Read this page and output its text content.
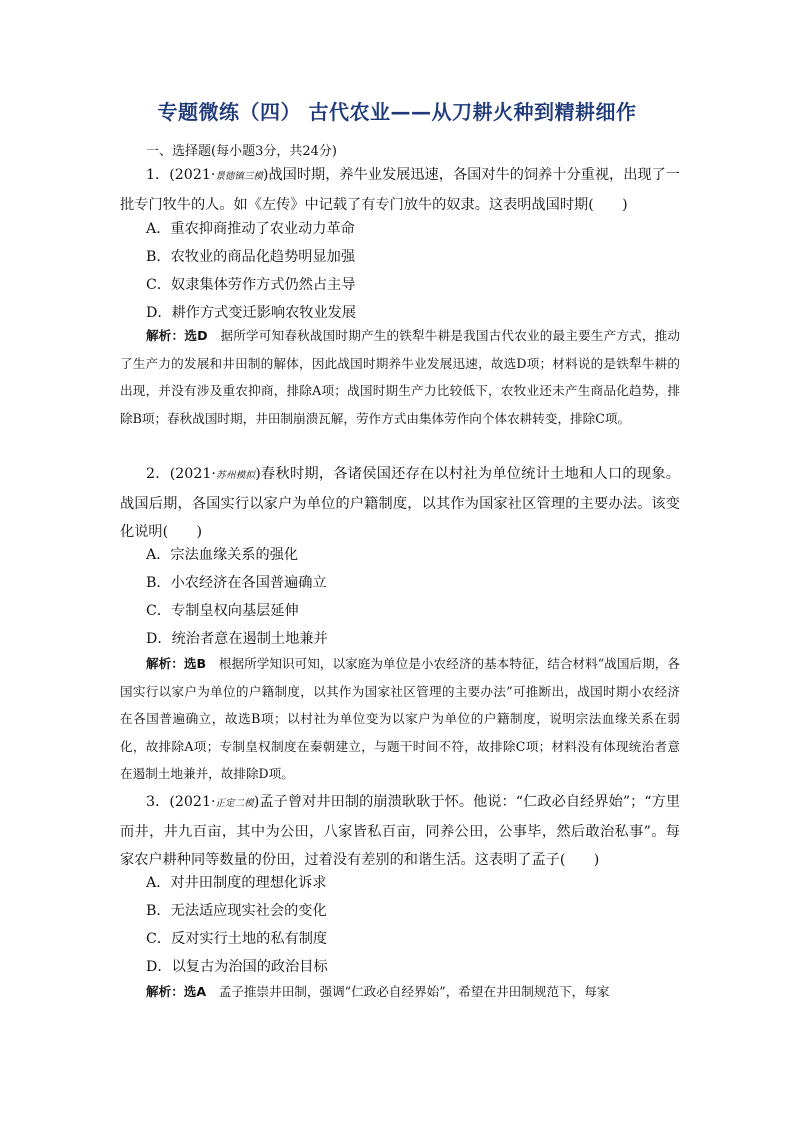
专题微练（四） 古代农业——从刀耕火种到精耕细作
一、选择题(每小题3分，共24分)
1．(2021·景德镇三模)战国时期，养牛业发展迅速，各国对牛的饲养十分重视，出现了一批专门牧牛的人。如《左传》中记载了有专门放牛的奴隶。这表明战国时期(　　)
A．重农抑商推动了农业动力革命
B．农牧业的商品化趋势明显加强
C．奴隶集体劳作方式仍然占主导
D．耕作方式变迁影响农牧业发展
解析：选D　 据所学可知春秋战国时期产生的铁犁牛耕是我国古代农业的最主要生产方式，推动了生产力的发展和井田制的解体，因此战国时期养牛业发展迅速，故选D项；材料说的是铁犁牛耕的出现，并没有涉及重农抑商，排除A项；战国时期生产力比较低下，农牧业还未产生商品化趋势，排除B项；春秋战国时期，井田制崩溃瓦解，劳作方式由集体劳作向个体农耕转变，排除C项。
2．(2021·苏州模拟)春秋时期，各诸侯国还存在以村社为单位统计土地和人口的现象。战国后期，各国实行以家户为单位的户籍制度，以其作为国家社区管理的主要办法。该变化说明(　　)
A．宗法血缘关系的强化
B．小农经济在各国普遍确立
C．专制皇权向基层延伸
D．统治者意在遏制土地兼并
解析：选B　 根据所学知识可知，以家庭为单位是小农经济的基本特征，结合材料“战国后期，各国实行以家户为单位的户籍制度，以其作为国家社区管理的主要办法”可推断出，战国时期小农经济在各国普遍确立，故选B项；以村社为单位变为以家户为单位的户籍制度，说明宗法血缘关系在弱化，故排除A项；专制皇权制度在秦朝建立，与题干时间不符，故排除C项；材料没有体现统治者意在遏制土地兼并，故排除D项。
3．(2021·正定二模)孟子曾对井田制的崩溃耿耿于怀。他说：“仁政必自经界始”；“方里而井，井九百亩，其中为公田，八家皆私百亩，同养公田，公事毕，然后敢治私事”。每家农户耕种同等数量的份田，过着没有差别的和谐生活。这表明了孟子(　　)
A．对井田制度的理想化诉求
B．无法适应现实社会的变化
C．反对实行土地的私有制度
D．以复古为治国的政治目标
解析：选A　 孟子推崇井田制，强调“仁政必自经界始”，希望在井田制规范下，每家
